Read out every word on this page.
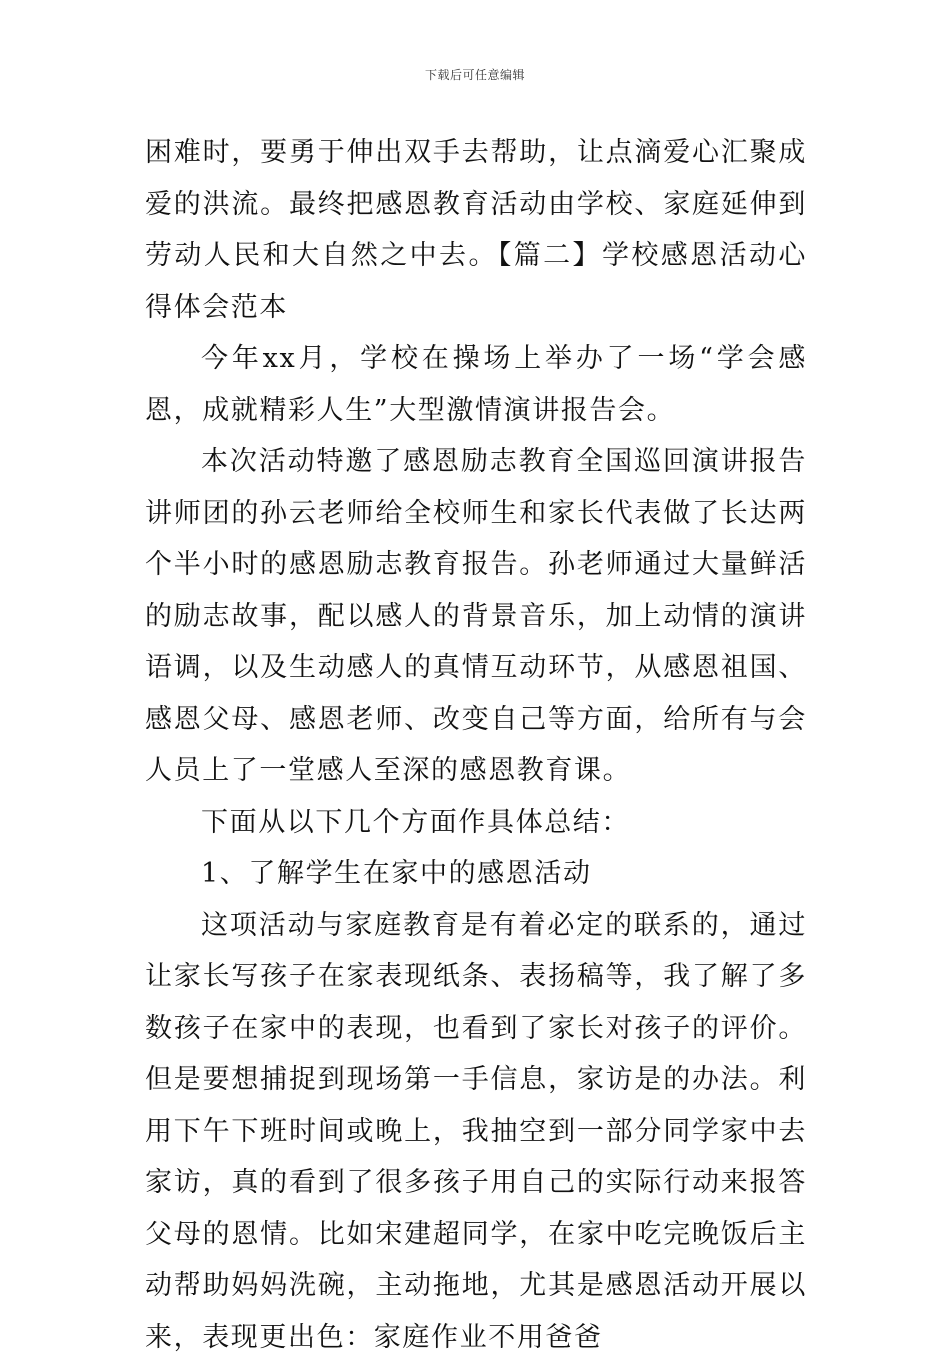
下载后可任意编辑

困难时，要勇于伸出双手去帮助，让点滴爱心汇聚成爱的洪流。最终把感恩教育活动由学校、家庭延伸到劳动人民和大自然之中去。【篇二】学校感恩活动心得体会范本

今年xx月，学校在操场上举办了一场“学会感恩，成就精彩人生”大型激情演讲报告会。

本次活动特邀了感恩励志教育全国巡回演讲报告讲师团的孙云老师给全校师生和家长代表做了长达两个半小时的感恩励志教育报告。孙老师通过大量鲜活的励志故事，配以感人的背景音乐，加上动情的演讲语调，以及生动感人的真情互动环节，从感恩祖国、感恩父母、感恩老师、改变自己等方面，给所有与会人员上了一堂感人至深的感恩教育课。

下面从以下几个方面作具体总结：

1、了解学生在家中的感恩活动

这项活动与家庭教育是有着必定的联系的，通过让家长写孩子在家表现纸条、表扬稿等，我了解了多数孩子在家中的表现，也看到了家长对孩子的评价。但是要想捕捉到现场第一手信息，家访是的办法。利用下午下班时间或晚上，我抽空到一部分同学家中去家访，真的看到了很多孩子用自己的实际行动来报答父母的恩情。比如宋建超同学，在家中吃完晚饭后主动帮助妈妈洗碗，主动拖地，尤其是感恩活动开展以来，表现更出色：家庭作业不用爸爸
